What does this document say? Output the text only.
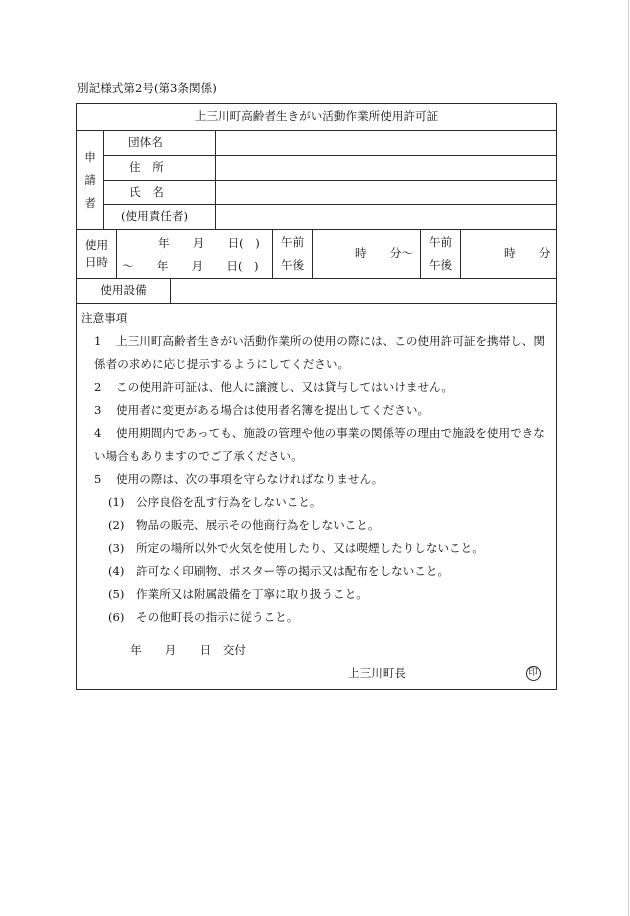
別記様式第2号(第3条関係)
上三川町高齢者生きがい活動作業所使用許可証
申
請
者
団体名
住　所
氏　名
(使用責任者)
使用
日時
年　　月　　日(　)
～　　年　　月　　日(　)
午前
午後
時　　分～
午前
午後
時　　分
使用設備
注意事項
1 上三川町高齢者生きがい活動作業所の使用の際には、この使用許可証を携帯し、関
係者の求めに応じ提示するようにしてください。
2 この使用許可証は、他人に譲渡し、又は貸与してはいけません。
3 使用者に変更がある場合は使用者名簿を提出してください。
4 使用期間内であっても、施設の管理や他の事業の関係等の理由で施設を使用できな
い場合もありますのでご了承ください。
5 使用の際は、次の事項を守らなければなりません。
(1) 公序良俗を乱す行為をしないこと。
(2) 物品の販売、展示その他商行為をしないこと。
(3) 所定の場所以外で火気を使用したり、又は喫煙したりしないこと。
(4) 許可なく印刷物、ポスター等の掲示又は配布をしないこと。
(5) 作業所又は附属設備を丁寧に取り扱うこと。
(6) その他町長の指示に従うこと。
年　　月　　日　交付
上三川町長	印
